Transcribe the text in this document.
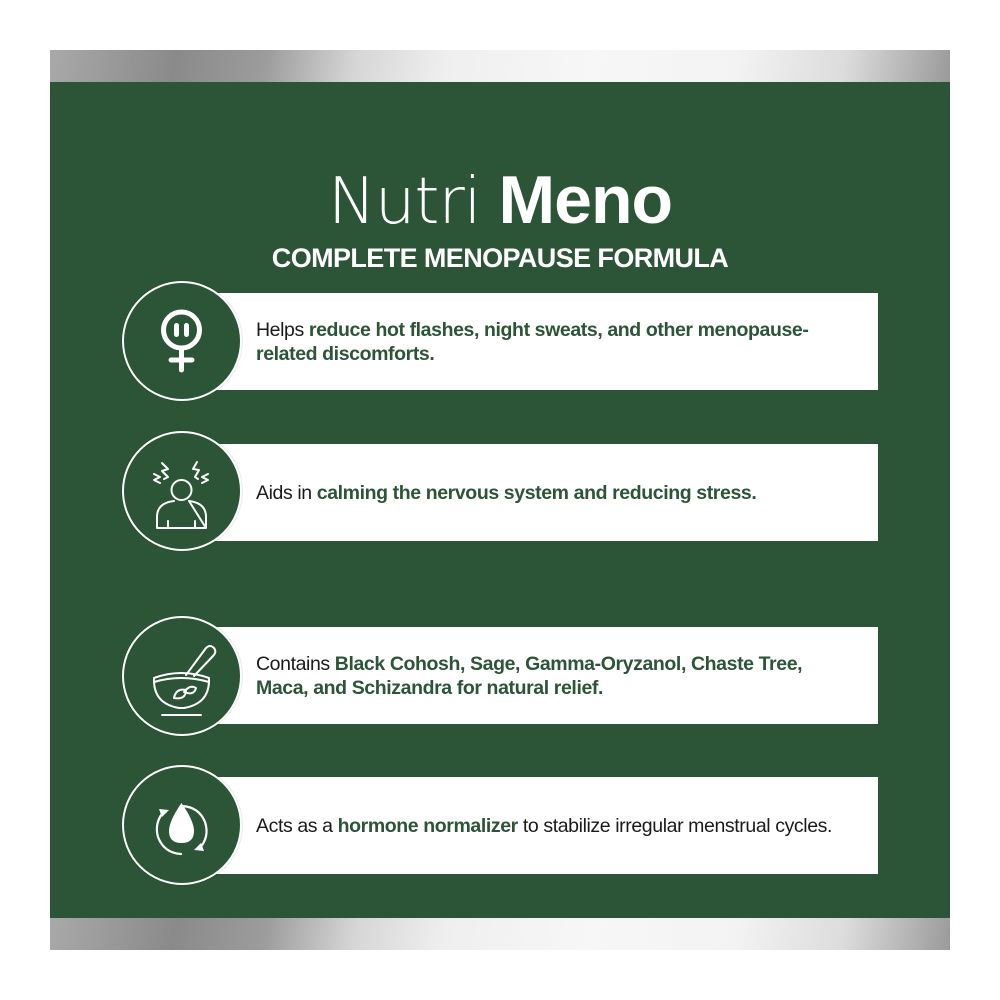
Nutri Meno
COMPLETE MENOPAUSE FORMULA
Helps reduce hot flashes, night sweats, and other menopause-related discomforts.
Aids in calming the nervous system and reducing stress.
Contains Black Cohosh, Sage, Gamma-Oryzanol, Chaste Tree, Maca, and Schizandra for natural relief.
Acts as a hormone normalizer to stabilize irregular menstrual cycles.
